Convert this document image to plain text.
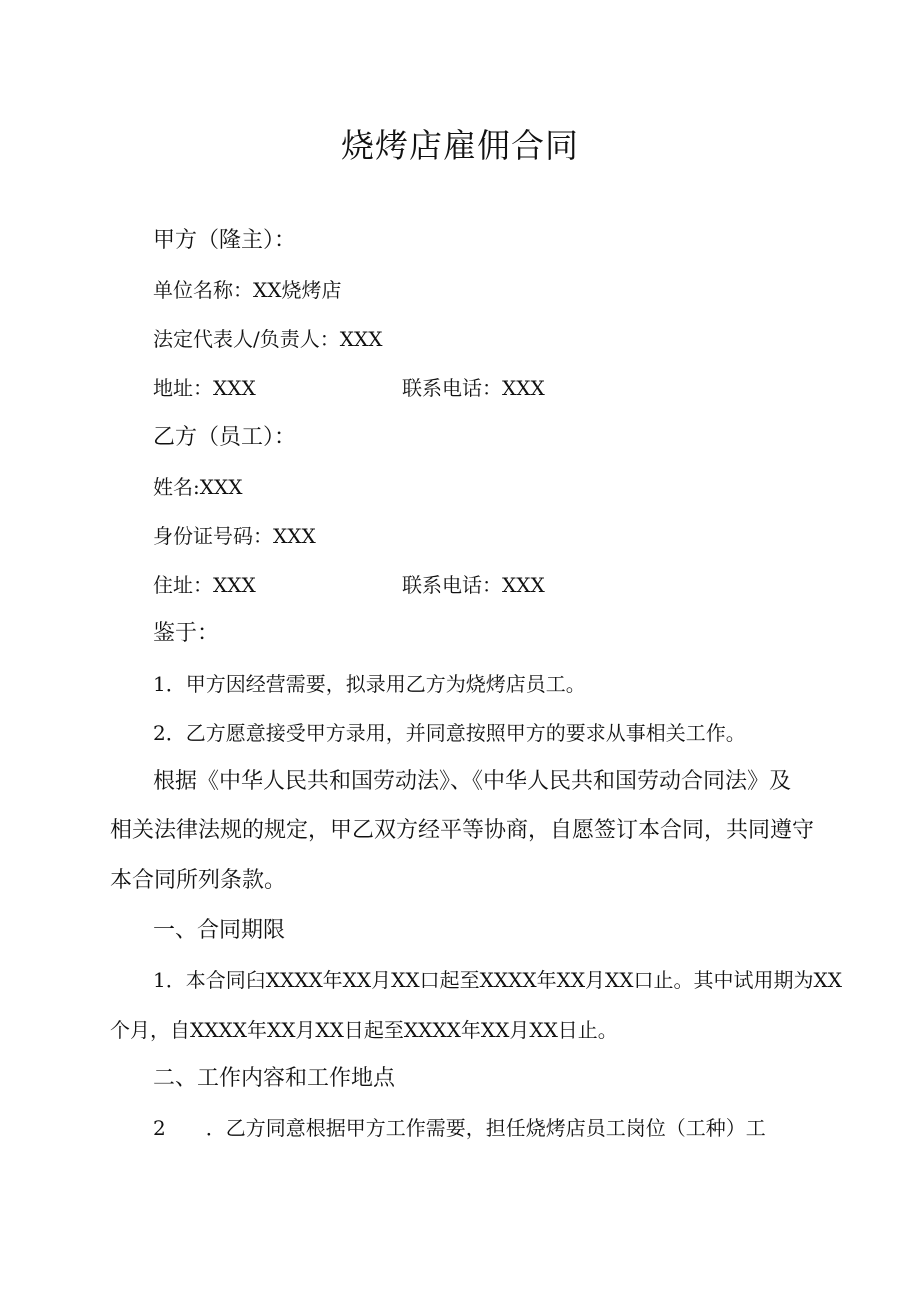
烧烤店雇佣合同
甲方（隆主）：
单位名称：XX烧烤店
法定代表人/负责人：XXX
地址：XXX	联系电话：XXX
乙方（员工）：
姓名:XXX
身份证号码：XXX
住址：XXX	联系电话：XXX
鉴于：
1．甲方因经营需要，拟录用乙方为烧烤店员工。
2．乙方愿意接受甲方录用，并同意按照甲方的要求从事相关工作。
根据《中华人民共和国劳动法》、《中华人民共和国劳动合同法》及
相关法律法规的规定，甲乙双方经平等协商，自愿签订本合同，共同遵守
本合同所列条款。
一、合同期限
1．本合同臼XXXX年XX月XX口起至XXXX年XX月XX口止。其中试用期为XX
个月，自XXXX年XX月XX日起至XXXX年XX月XX日止。
二、工作内容和工作地点
2　　．乙方同意根据甲方工作需要，担任烧烤店员工岗位（工种）工
